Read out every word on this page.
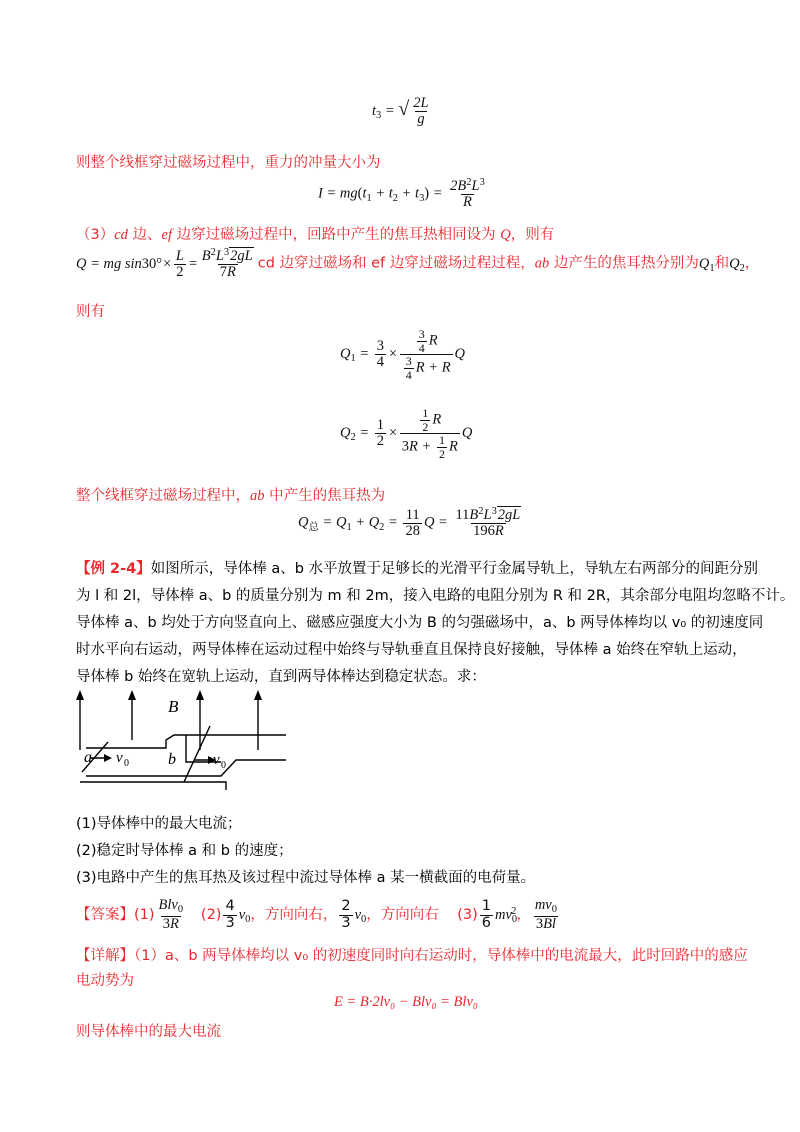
$t_3$ = √ $\frac{2L}{g}$
则整个线框穿过磁场过程中，重力的冲量大小为
$I = mg(t_1 + t_2 + t_3) = \frac{2B^2L^3}{R}$
（3）cd 边、ef 边穿过磁场过程中，回路中产生的焦耳热相同设为 Q，则有
Q = mg $\sin 30^\circ\times \frac{L}{2} = \frac{B^2L^32gL}{7R}$ cd 边穿过磁场和 ef 边穿过磁场过程过程，ab 边产生的焦耳热分别为$Q_1$和$Q_2$，
则有
$Q_1 = \frac{3}{4} \times \frac{\frac{3}{4} R}{\frac{3}{4} R + R}$ Q
$Q_2 = \frac{1}{2} \times \frac{\frac{1}{2} R}{3R + \frac{1}{2} R}$ Q
整个线框穿过磁场过程中，ab 中产生的焦耳热为
$Q_总 = Q_1 + Q_2 = \frac{11}{28}$ $Q = \frac{11B^2L^32gL}{196R}$
【例 2-4】如图所示，导体棒 a、b 水平放置于足够长的光滑平行金属导轨上，导轨左右两部分的间距分别
为 l 和 2l，导体棒 a、b 的质量分别为 m 和 2m，接入电路的电阻分别为 R 和 2R，其余部分电阻均忽略不计。
导体棒 a、b 均处于方向竖直向上、磁感应强度大小为 B 的匀强磁场中，a、b 两导体棒均以 v₀ 的初速度同
时水平向右运动，两导体棒在运动过程中始终与导轨垂直且保持良好接触，导体棒 a 始终在窄轨上运动，
导体棒 b 始终在宽轨上运动，直到两导体棒达到稳定状态。求：
B
a v 0 b v 0
(1)导体棒中的最大电流；
(2)稳定时导体棒 a 和 b 的速度；
(3)电路中产生的焦耳热及该过程中流过导体棒 a 某一横截面的电荷量。
【答案】$(1) \frac{Blv_0}{3R} (2) \frac{4}{3} v_0$，方向向右， $\frac{2}{3} v_0$，方向向右 $(3) \frac{1}{6} mv_0^2$， $\frac{mv_0}{3Bl}$
【详解】（1）a、b 两导体棒均以 v₀ 的初速度同时向右运动时，导体棒中的电流最大，此时回路中的感应
电动势为
E = B·2lv₀ − Blv₀ = Blv₀
则导体棒中的最大电流
